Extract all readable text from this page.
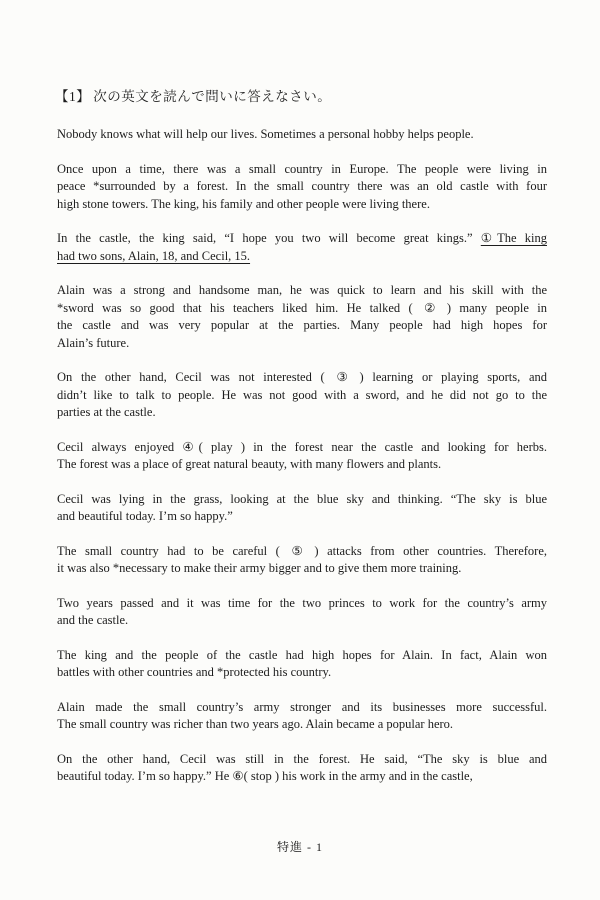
【1】 次の英文を読んで問いに答えなさい。

Nobody knows what will help our lives. Sometimes a personal hobby helps people.

Once upon a time, there was a small country in Europe. The people were living in
peace *surrounded by a forest. In the small country there was an old castle with four
high stone towers. The king, his family and other people were living there.

In the castle, the king said, “I hope you two will become great kings.” ①The king
had two sons, Alain, 18, and Cecil, 15.

Alain was a strong and handsome man, he was quick to learn and his skill with the
*sword was so good that his teachers liked him. He talked ( ② ) many people in
the castle and was very popular at the parties. Many people had high hopes for
Alain’s future.

On the other hand, Cecil was not interested ( ③ ) learning or playing sports, and
didn’t like to talk to people. He was not good with a sword, and he did not go to the
parties at the castle.

Cecil always enjoyed ④( play ) in the forest near the castle and looking for herbs.
The forest was a place of great natural beauty, with many flowers and plants.

Cecil was lying in the grass, looking at the blue sky and thinking. “The sky is blue
and beautiful today. I’m so happy.”

The small country had to be careful ( ⑤ ) attacks from other countries. Therefore,
it was also *necessary to make their army bigger and to give them more training.

Two years passed and it was time for the two princes to work for the country’s army
and the castle.

The king and the people of the castle had high hopes for Alain. In fact, Alain won
battles with other countries and *protected his country.

Alain made the small country’s army stronger and its businesses more successful.
The small country was richer than two years ago. Alain became a popular hero.

On the other hand, Cecil was still in the forest. He said, “The sky is blue and
beautiful today. I’m so happy.” He ⑥( stop ) his work in the army and in the castle,

特進 - 1
